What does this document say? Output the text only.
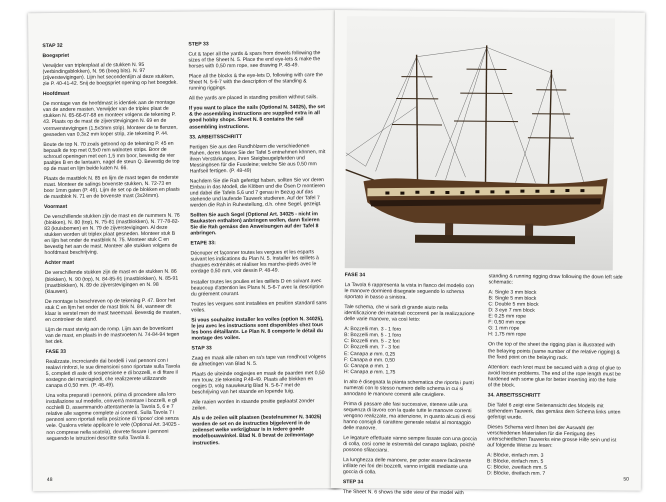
STAP 32

Boegspriet

Verwijder van triplexplaat al de stukken N. 95 (verbindingsblokken), N. 96 (boeg bits). N. 97 (zijverstevigingen). Lijm het secondentijm al deze stukken, zie P. 40-41-42. Snij de boegspriet opening op het boegdek.

Hoofdmast

De montage van de hoofdmast is identiek aan de montage van de andere masten. Verwijder van de triplex plaat de stukken N. 65-66-67-68 en monteer volgens de tekening P. 43. Plaats op de mast de zijverstevigingen N. 69 en de vormverstevigingen (1,5x3mm strip). Monteer de te flenzen, gesneden van 0,3x2 mm koper strip, zie tekening P. 44.

Boute de top N. 70 zoals getoond op de tekening P. 45 en bepaalk de top met 0,5x0 mm walnoten strips. Boor de schroud openingen met een 1,5 mm boor, bevestig de vier paaltjes B en de lantaarn, nagel de steun Q. Bevestig de top op de mast en lijm beide katen N. 66.

Plaats de mastblok N. 85 en lijm de mast tegen de onderste mast. Monteer de salings bovenste stukken, N. 72-73 en boor 1mm gaten (P. 46). Lijm de set op de blokken en plaats de mastblok N. 71 en de bovenste mast (3x24mm).

Voormast

De verschillende stukken zijn de mast en de nummers N. 76 (blokken), N. 80 (top), N. 75-81 (mastblokken), N. 77-78-82-83 (kruisbomen) en N. 79 de zijverstevigingen. Al deze stukken worden uit triplex plaat gesneden. Monteer stuk B en lijm het onder de mastblok N. 75. Monteer stuk C en bevestig het aan de mast. Monteer alle stukken volgens de hoofdmast beschrijving.

Achter mast

De verschillende stukken zijn de mast en de stukken N. 86 (blokken), N. 90 (top), N. 84-85-91 (mastblokken), N. 85-91 (mastblokken), N. 89 de zijverstevigingen en N. 98 (klauwen).

De montage is beschreven op de tekening P. 47. Boor het stuk C en lijm het onder de mast blok N. 84, wanneer dit klaar is verstel men de mast tweemaal. Bevestig de masten, en controleer de stand.

Lijm de mast stevig aan de romp. Lijm aan de bovenkant van de mast, en plaats in de mastvoeten N. 74-84-94 tegen het dek.

FASE 33

Realizzate, incrociando dai bordelli i vari pennoni con i realavi rinforzi, le sue dimensioni sono riportate sulla Tavola 5, completi di aste di sospensione e di bozzelli, e di fitare il sostegno dei marciapiedi, che realizzerete utilizzando canapa d 0,50 mm. (P. 48-49).

Una volta preparati i pennoni, prima di procedere alla loro installazione sul modello, converrà montare i bozzelli, e gli occhielli D, assemmando attentamente la Tavola 5, 6 e 7 relative alle sagome complete ai correnti. Sulla Tavola 7 i pennoni sono riportati nella posizione di 'riposo' cioè senza vele. Qualora volete applicare le vele (Optional Art. 34025 - non comprese nella scatola), dovrete fissare i pennoni seguendo le istruzioni descritte sulla Tavola 8.

STEP 33

Cut & taper all the yards & spars from dowels following the sizes of the Sheet N. 5. Place the end eye-lets & make the horses with 0,50 mm rope, see drawing P. 48-49.

Place all the blocks & the eye-lets D, following with care the Sheet N. 5-6-7 with the description of the standing & running riggings.

All the yards are placed in standing position without sails.

If you want to place the sails (Optional N. 34025), the set & the assembling instructions are supplied extra in all good hobby shops. Sheet N. 8 contains the sail assembling instructions.

33. ARBEITSSCHRITT

Fertigen Sie aus den Rundhölzern die verschiedenen Rahen, deren Masse Sie der Tafel 5 entnehmen können, mit ihren Verstärkungen, ihren Steigbeugelpferden und Messingösen für die Fussleine; welche Sie aus 0,50 mm Hanfseil fertigen. (P. 48-49)

Nachdem Sie die Rah gefertigt haben, sollten Sie vor deren Einbau in das Modell, die Klöben und die Ösen D montieren und dabei die Tafeln 5,6 und 7 genau in Bezug auf das stehende und laufende Tauwerk studieren. Auf der Tafel 7 werden die Rah in Ruhestellung, d.h. ohne Segel, gezeigt.

Sollten Sie auch Segel (Optional Art. 34025 - nicht im Baukasten enthalten) anbringen wollen, dann fixieren Sie die Rah gemäss den Anweisungen auf der Tafel 8 anbringen.

ETAPE 33:

Découper et façonner toutes les vergues et les esparts suivant les indications du Plan N. 5. Installer les œillets à chaques extrémités et réaliser les marche-pieds avec le cordage 0,50 mm, voir dessin P. 48-49.

Installer toutes les poulies et les œillets D en suivant avec beaucoup d'attention les Plans N. 5-6-7 avec la description du gréement courant.

Toutes les vergues sont installées en position standard sans voiles.

Si vous souhaitez installer les voiles (option N. 34025), le jeu avec les instructions sont disponibles chez tous les bons détaillants. Le Plan N. 8 comporte le détail du montage des voiles.

STAP 33

Zaag en maak alle rahen en ra's tape van rondhout volgens de afmetingen van Blad N. 5.

Plaats de uiteinde oogjesjes en maak de paarden met 0,50 mm touw, zie tekening P.48-49. Plaats alle blokken en oogjes D, volg nauwkeurig Blad N. 5-6-7 met de beschrijving van het staande en lopende tuig.

Alle raaien worden in staande positie geplaatst zonder zeilen.

Als u de zeilen wilt plaatsen (bestelnummer N. 34025) worden de set en de instructies bijgeleverd in de zeilenset welke verkrijgbaar is in iedere goede modelbouwwinkel. Blad N. 8 bevat de zeilmontage instructies.

48

FASE 34

La Tavola 6 rappresenta la vista in fianco del modello con le manovre dormienti disegnate seguendo lo schema riportato in basso a sinistra.

Tale schema, che vi sarà di grande aiuto nella identificazione dei materiali occorrenti per la realizzazione delle varie manovre, va così letto:

A: Bozzelli mm. 3 - 1 foro

B: Bozzelli mm. 5 - 1 foro

C: Bozzelli mm. 5 - 2 fori

D: Bozzelli mm. 7 - 3 fori

E: Canapa ø mm. 0,25

F: Canapa ø mm. 0,50

G: Canapa ø mm. 1

H: Canapa ø mm. 1,75

In alto è disegnata la pianta schematica che riporta i punti numerati con lo stesso numero dello schema in cui si annodano le manovre correnti alle cavigliere.

Prima di passare alle fasi successive, ritenere utile una sequenza di lavoro con la quale tutte le manovre correnti vengono realizzate, ma attenzione, in quanto alcuni di essi hanno consigli di carattere generale relativi al montaggio delle manovre.

Le legature effettuate vanno sempre fissate con una goccia di colla, così come le estremità del canapo tagliato, poiché possono sfilacciarsi.

La lunghezza delle manovre, per poter essere facilmente infilate nei fori dei bozzelli, vanno irrigiditi mediante una goccia di colla.

STEP 34

The Sheet N. 6 shows the side view of the model with

standing & running rigging draw following the down left side schematic:

A: Single 3 mm block

B: Single 5 mm block

C: Double 5 mm block

D: 3 eye 7 mm block

E: 0,25 mm rope

F: 0,50 mm rope

G: 1 mm rope

H: 1,75 mm rope

On the top of the sheet the rigging plan is illustrated with the belaying points (same number of the relative rigging) & the fixed point on the belaying rack.

Attention: each knot must be secured with a drop of glue to avoid loosen problems. The end of the rope length must be hardened with some glue for better inserting into the hole of the block.

34. ARBEITSSCHRITT

Die Tafel 6 zeigt eine Seitenansicht des Modells mit stehendem Tauwerk, das gemäss dem Schema links unten gefertigt wurde.

Dieses Schema wird Ihnen bei der Auswahl der verschiedenen Materialien für die Fertigung des unterschiedlichen Tauwerks eine grosse Hilfe sein und ist auf folgende Weise zu lesen:

A: Blöcke, einfach mm. 3

B: Blöcke, einfach mm. 5

C: Blöcke, zweifach mm. 5

D: Blöcke, dreifach mm. 7

50
